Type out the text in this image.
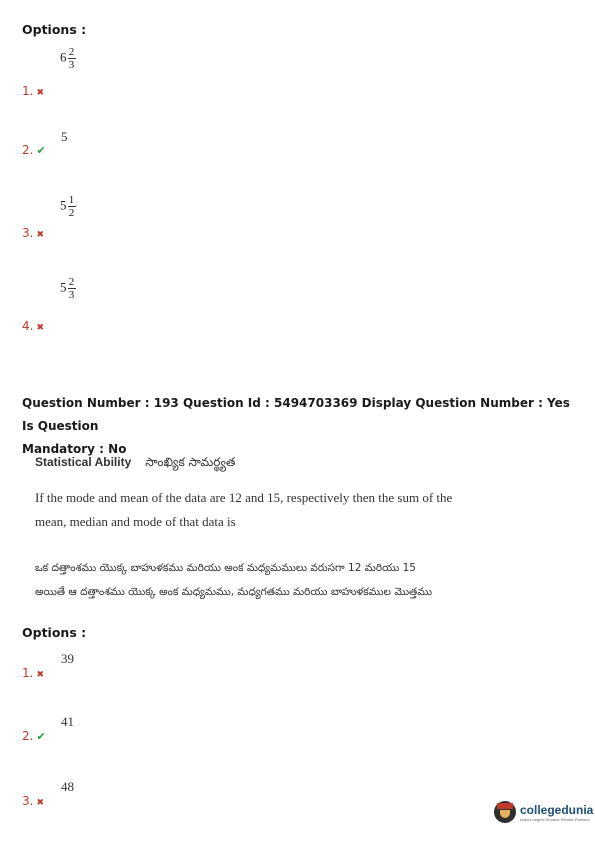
Options :
1. ✖
$6 \frac{2}{3}$
2. ✔
5
3. ✖
$5 \frac{1}{2}$
4. ✖
$5 \frac{2}{3}$
Question Number : 193 Question Id : 5494703369 Display Question Number : Yes Is Question
Mandatory : No
Statistical Ability సాంఖ్యిక సామర్థ్యత
If the mode and mean of the data are 12 and 15, respectively then the sum of the
mean, median and mode of that data is
ఒక దత్తాంశము యొక్క బాహుళకము మరియు అంక మధ్యమములు వరుసగా 12 మరియు 15
అయితే ఆ దత్తాంశము యొక్క అంక మధ్యమము, మధ్యగతము మరియు బాహుళకముల మొత్తము
Options :
1. ✖
39
2. ✔
41
3. ✖
48
collegedunia
India's largest Student Review Platform
